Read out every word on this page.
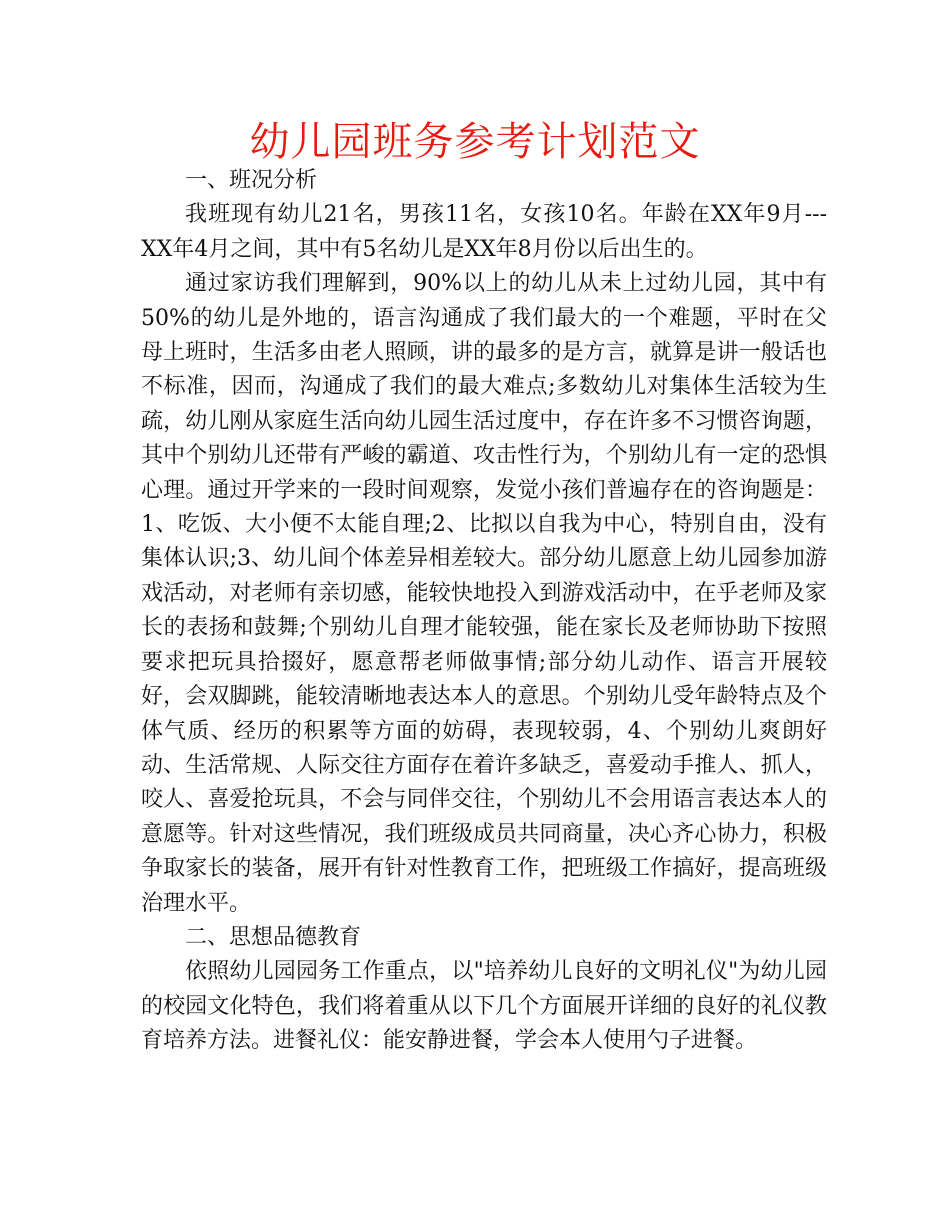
幼儿园班务参考计划范文

一、班况分析

我班现有幼儿21名，男孩11名，女孩10名。年龄在XX年9月---XX年4月之间，其中有5名幼儿是XX年8月份以后出生的。

通过家访我们理解到，90%以上的幼儿从未上过幼儿园，其中有50%的幼儿是外地的，语言沟通成了我们最大的一个难题，平时在父母上班时，生活多由老人照顾，讲的最多的是方言，就算是讲一般话也不标准，因而，沟通成了我们的最大难点;多数幼儿对集体生活较为生疏，幼儿刚从家庭生活向幼儿园生活过度中，存在许多不习惯咨询题，其中个别幼儿还带有严峻的霸道、攻击性行为，个别幼儿有一定的恐惧心理。通过开学来的一段时间观察，发觉小孩们普遍存在的咨询题是：1、吃饭、大小便不太能自理;2、比拟以自我为中心，特别自由，没有集体认识;3、幼儿间个体差异相差较大。部分幼儿愿意上幼儿园参加游戏活动，对老师有亲切感，能较快地投入到游戏活动中，在乎老师及家长的表扬和鼓舞;个别幼儿自理才能较强，能在家长及老师协助下按照要求把玩具拾掇好，愿意帮老师做事情;部分幼儿动作、语言开展较好，会双脚跳，能较清晰地表达本人的意思。个别幼儿受年龄特点及个体气质、经历的积累等方面的妨碍，表现较弱，4、个别幼儿爽朗好动、生活常规、人际交往方面存在着许多缺乏，喜爱动手推人、抓人，咬人、喜爱抢玩具，不会与同伴交往，个别幼儿不会用语言表达本人的意愿等。针对这些情况，我们班级成员共同商量，决心齐心协力，积极争取家长的装备，展开有针对性教育工作，把班级工作搞好，提高班级治理水平。

二、思想品德教育

依照幼儿园园务工作重点，以"培养幼儿良好的文明礼仪"为幼儿园的校园文化特色，我们将着重从以下几个方面展开详细的良好的礼仪教育培养方法。进餐礼仪：能安静进餐，学会本人使用勺子进餐。
